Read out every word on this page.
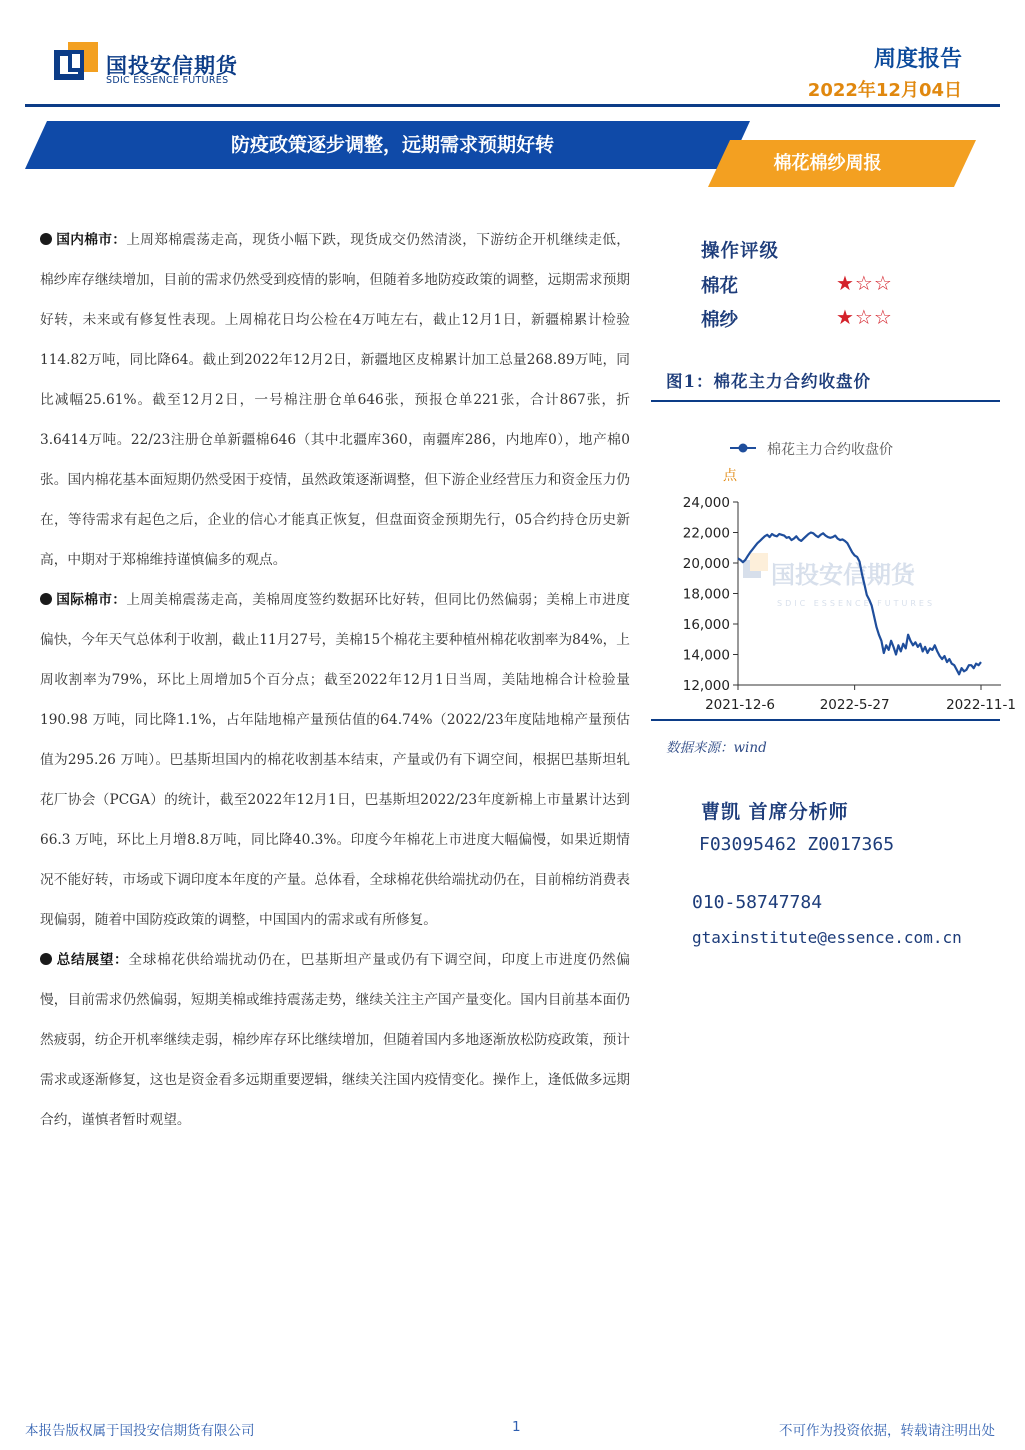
国投安信期货
SDIC ESSENCE FUTURES
周度报告
2022年12月04日
防疫政策逐步调整，远期需求预期好转
棉花棉纱周报

国内棉市：上周郑棉震荡走高，现货小幅下跌，现货成交仍然清淡，下游纺企开机继续走低，棉纱库存继续增加，目前的需求仍然受到疫情的影响，但随着多地防疫政策的调整，远期需求预期好转，未来或有修复性表现。上周棉花日均公检在4万吨左右，截止12月1日，新疆棉累计检验114.82万吨，同比降64。截止到2022年12月2日，新疆地区皮棉累计加工总量268.89万吨，同比减幅25.61%。截至12月2日，一号棉注册仓单646张，预报仓单221张，合计867张，折3.6414万吨。22/23注册仓单新疆棉646（其中北疆库360，南疆库286，内地库0），地产棉0张。国内棉花基本面短期仍然受困于疫情，虽然政策逐渐调整，但下游企业经营压力和资金压力仍在，等待需求有起色之后，企业的信心才能真正恢复，但盘面资金预期先行，05合约持仓历史新高，中期对于郑棉维持谨慎偏多的观点。

国际棉市：上周美棉震荡走高，美棉周度签约数据环比好转，但同比仍然偏弱；美棉上市进度偏快，今年天气总体利于收割，截止11月27号，美棉15个棉花主要种植州棉花收割率为84%，上周收割率为79%，环比上周增加5个百分点；截至2022年12月1日当周，美陆地棉合计检验量190.98 万吨，同比降1.1%，占年陆地棉产量预估值的64.74%（2022/23年度陆地棉产量预估值为295.26 万吨）。巴基斯坦国内的棉花收割基本结束，产量或仍有下调空间，根据巴基斯坦轧花厂协会（PCGA）的统计，截至2022年12月1日，巴基斯坦2022/23年度新棉上市量累计达到66.3 万吨，环比上月增8.8万吨，同比降40.3%。印度今年棉花上市进度大幅偏慢，如果近期情况不能好转，市场或下调印度本年度的产量。总体看，全球棉花供给端扰动仍在，目前棉纺消费表现偏弱，随着中国防疫政策的调整，中国国内的需求或有所修复。

总结展望：全球棉花供给端扰动仍在，巴基斯坦产量或仍有下调空间，印度上市进度仍然偏慢，目前需求仍然偏弱，短期美棉或维持震荡走势，继续关注主产国产量变化。国内目前基本面仍然疲弱，纺企开机率继续走弱，棉纱库存环比继续增加，但随着国内多地逐渐放松防疫政策，预计需求或逐渐修复，这也是资金看多远期重要逻辑，继续关注国内疫情变化。操作上，逢低做多远期合约，谨慎者暂时观望。

操作评级
棉花	★☆☆
棉纱	★☆☆
图1：棉花主力合约收盘价
棉花主力合约收盘价
点
国投安信期货
SDIC ESSENCE FUTURES
12,000
14,000
16,000
18,000
20,000
22,000
24,000
2021-12-6	2022-5-27	2022-11-1
数据来源：wind
曹凯 首席分析师
F03095462 Z0017365
010-58747784
gtaxinstitute@essence.com.cn
本报告版权属于国投安信期货有限公司	1	不可作为投资依据，转载请注明出处
